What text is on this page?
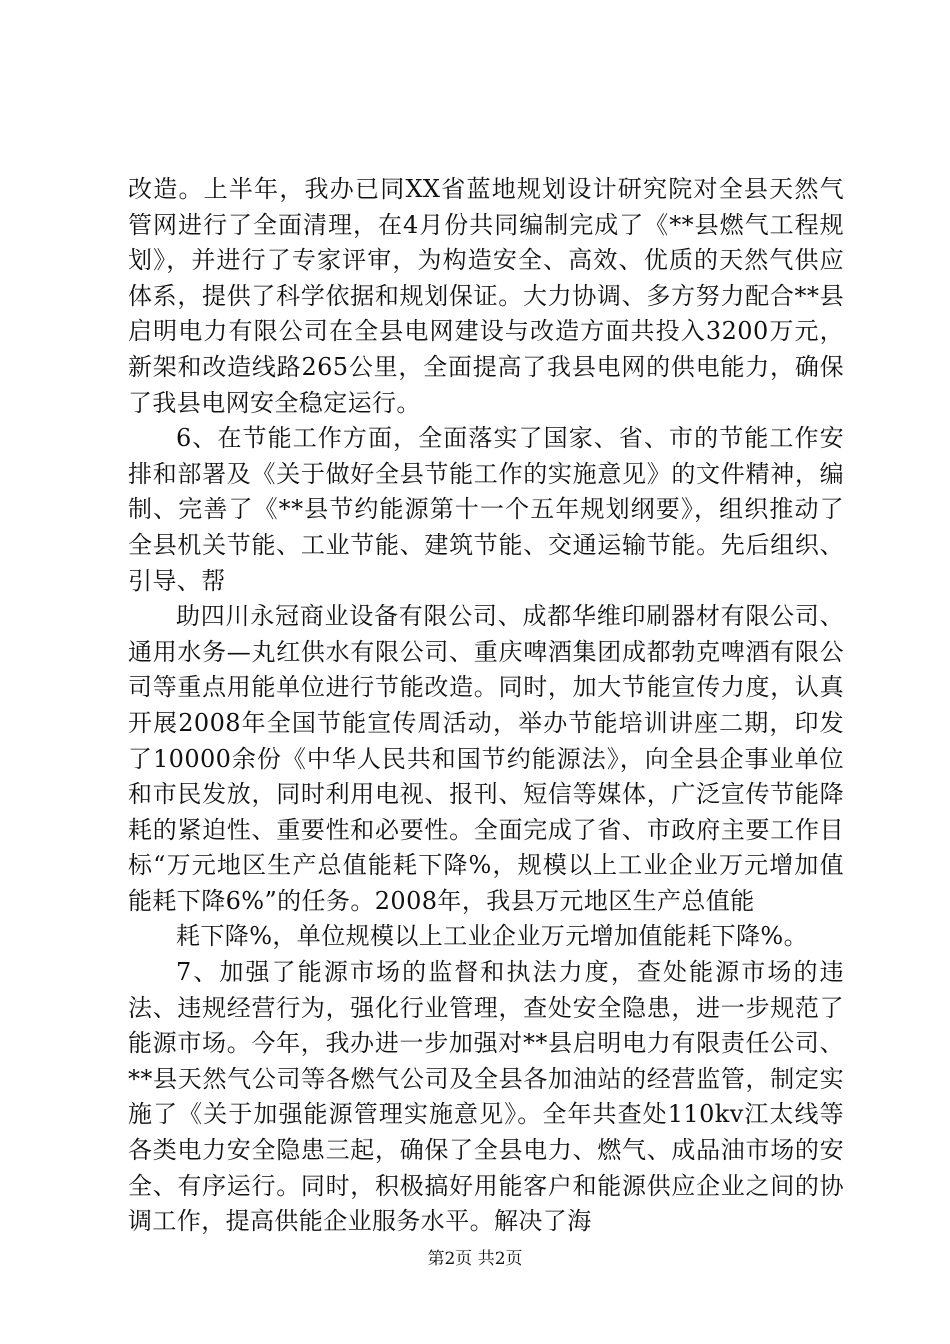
改造。上半年，我办已同XX省蓝地规划设计研究院对全县天然气管网进行了全面清理，在4月份共同编制完成了《**县燃气工程规划》，并进行了专家评审，为构造安全、高效、优质的天然气供应体系，提供了科学依据和规划保证。大力协调、多方努力配合**县启明电力有限公司在全县电网建设与改造方面共投入3200万元，新架和改造线路265公里，全面提高了我县电网的供电能力，确保了我县电网安全稳定运行。

6、在节能工作方面，全面落实了国家、省、市的节能工作安排和部署及《关于做好全县节能工作的实施意见》的文件精神，编制、完善了《**县节约能源第十一个五年规划纲要》，组织推动了全县机关节能、工业节能、建筑节能、交通运输节能。先后组织、引导、帮

助四川永冠商业设备有限公司、成都华维印刷器材有限公司、通用水务—丸红供水有限公司、重庆啤酒集团成都勃克啤酒有限公司等重点用能单位进行节能改造。同时，加大节能宣传力度，认真开展2008年全国节能宣传周活动，举办节能培训讲座二期，印发了10000余份《中华人民共和国节约能源法》，向全县企事业单位和市民发放，同时利用电视、报刊、短信等媒体，广泛宣传节能降耗的紧迫性、重要性和必要性。全面完成了省、市政府主要工作目标“万元地区生产总值能耗下降%，规模以上工业企业万元增加值能耗下降6%”的任务。2008年，我县万元地区生产总值能

耗下降%，单位规模以上工业企业万元增加值能耗下降%。

7、加强了能源市场的监督和执法力度，查处能源市场的违法、违规经营行为，强化行业管理，查处安全隐患，进一步规范了能源市场。今年，我办进一步加强对**县启明电力有限责任公司、**县天然气公司等各燃气公司及全县各加油站的经营监管，制定实施了《关于加强能源管理实施意见》。全年共查处110kv江太线等各类电力安全隐患三起，确保了全县电力、燃气、成品油市场的安全、有序运行。同时，积极搞好用能客户和能源供应企业之间的协调工作，提高供能企业服务水平。解决了海

第2页 共2页
